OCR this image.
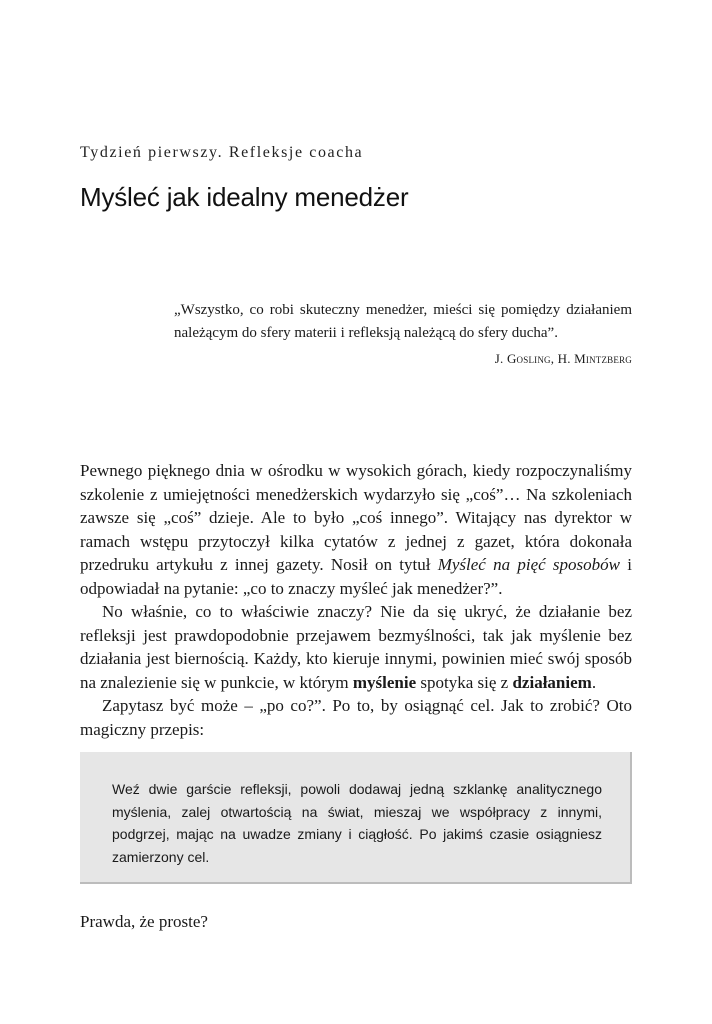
Tydzień pierwszy. Refleksje coacha
Myśleć jak idealny menedżer

„Wszystko, co robi skuteczny menedżer, mieści się pomiędzy działaniem należącym do sfery materii i refleksją należącą do sfery ducha”.

J. Gosling, H. Mintzberg

Pewnego pięknego dnia w ośrodku w wysokich górach, kiedy rozpoczynaliśmy szkolenie z umiejętności menedżerskich wydarzyło się „coś”… Na szkoleniach zawsze się „coś” dzieje. Ale to było „coś innego”. Witający nas dyrektor w ramach wstępu przytoczył kilka cytatów z jednej z gazet, która dokonała przedruku artykułu z innej gazety. Nosił on tytuł Myśleć na pięć sposobów i odpowiadał na pytanie: „co to znaczy myśleć jak menedżer?”.

No właśnie, co to właściwie znaczy? Nie da się ukryć, że działanie bez refleksji jest prawdopodobnie przejawem bezmyślności, tak jak myślenie bez działania jest biernością. Każdy, kto kieruje innymi, powinien mieć swój sposób na znalezienie się w punkcie, w którym myślenie spotyka się z działaniem.

Zapytasz być może – „po co?”. Po to, by osiągnąć cel. Jak to zrobić? Oto magiczny przepis:

Weź dwie garście refleksji, powoli dodawaj jedną szklankę analitycznego myślenia, zalej otwartością na świat, mieszaj we współpracy z innymi, podgrzej, mając na uwadze zmiany i ciągłość. Po jakimś czasie osiągniesz zamierzony cel.

Prawda, że proste?
